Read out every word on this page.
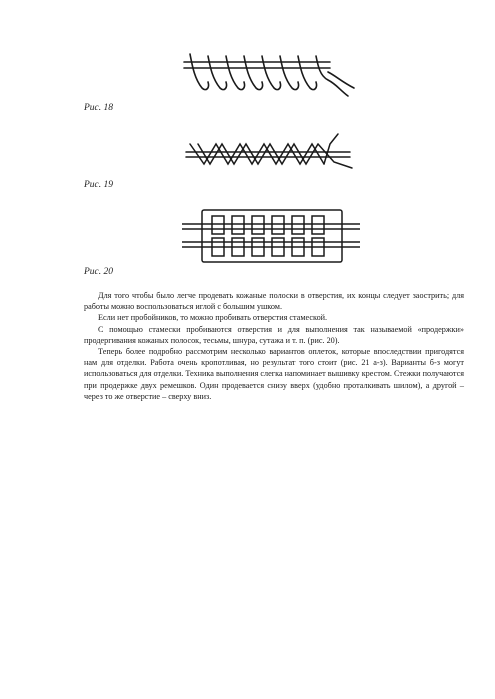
Рис. 18
Рис. 19
Рис. 20

Для того чтобы было легче продевать кожаные полоски в отверстия, их концы следует заострить; для работы можно воспользоваться иглой с большим ушком.

Если нет пробойников, то можно пробивать отверстия стамеской.

С помощью стамески пробиваются отверстия и для выполнения так называемой «продержки» продергивания кожаных полосок, тесьмы, шнура, сутажа и т. п. (рис. 20).

Теперь более подробно рассмотрим несколько вариантов оплеток, которые впоследствии пригодятся нам для отделки. Работа очень кропотливая, но результат того стоит (рис. 21 а-з). Варианты б-з могут использоваться для отделки. Техника выполнения слегка напоминает вышивку крестом. Стежки получаются при продержке двух ремешков. Один продевается снизу вверх (удобно проталкивать шилом), а другой – через то же отверстие – сверху вниз.
